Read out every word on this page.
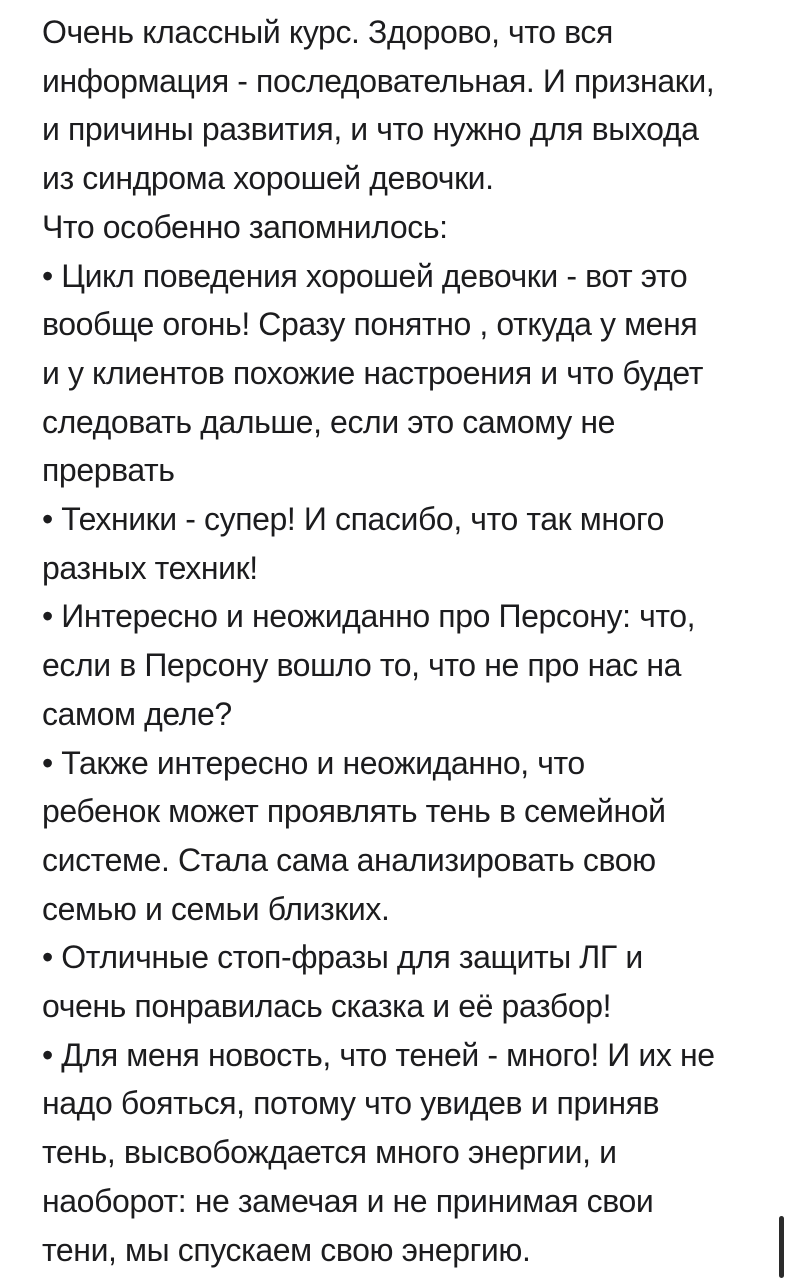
Очень классный курс. Здорово, что вся
информация - последовательная. И признаки,
и причины развития, и что нужно для выхода
из синдрома хорошей девочки.
Что особенно запомнилось:
• Цикл поведения хорошей девочки - вот это
вообще огонь! Сразу понятно , откуда у меня
и у клиентов похожие настроения и что будет
следовать дальше, если это самому не
прервать
• Техники - супер! И спасибо, что так много
разных техник!
• Интересно и неожиданно про Персону: что,
если в Персону вошло то, что не про нас на
самом деле?
• Также интересно и неожиданно, что
ребенок может проявлять тень в семейной
системе. Стала сама анализировать свою
семью и семьи близких.
• Отличные стоп-фразы для защиты ЛГ и
очень понравилась сказка и её разбор!
• Для меня новость, что теней - много! И их не
надо бояться, потому что увидев и приняв
тень, высвобождается много энергии, и
наоборот: не замечая и не принимая свои
тени, мы спускаем свою энергию.
